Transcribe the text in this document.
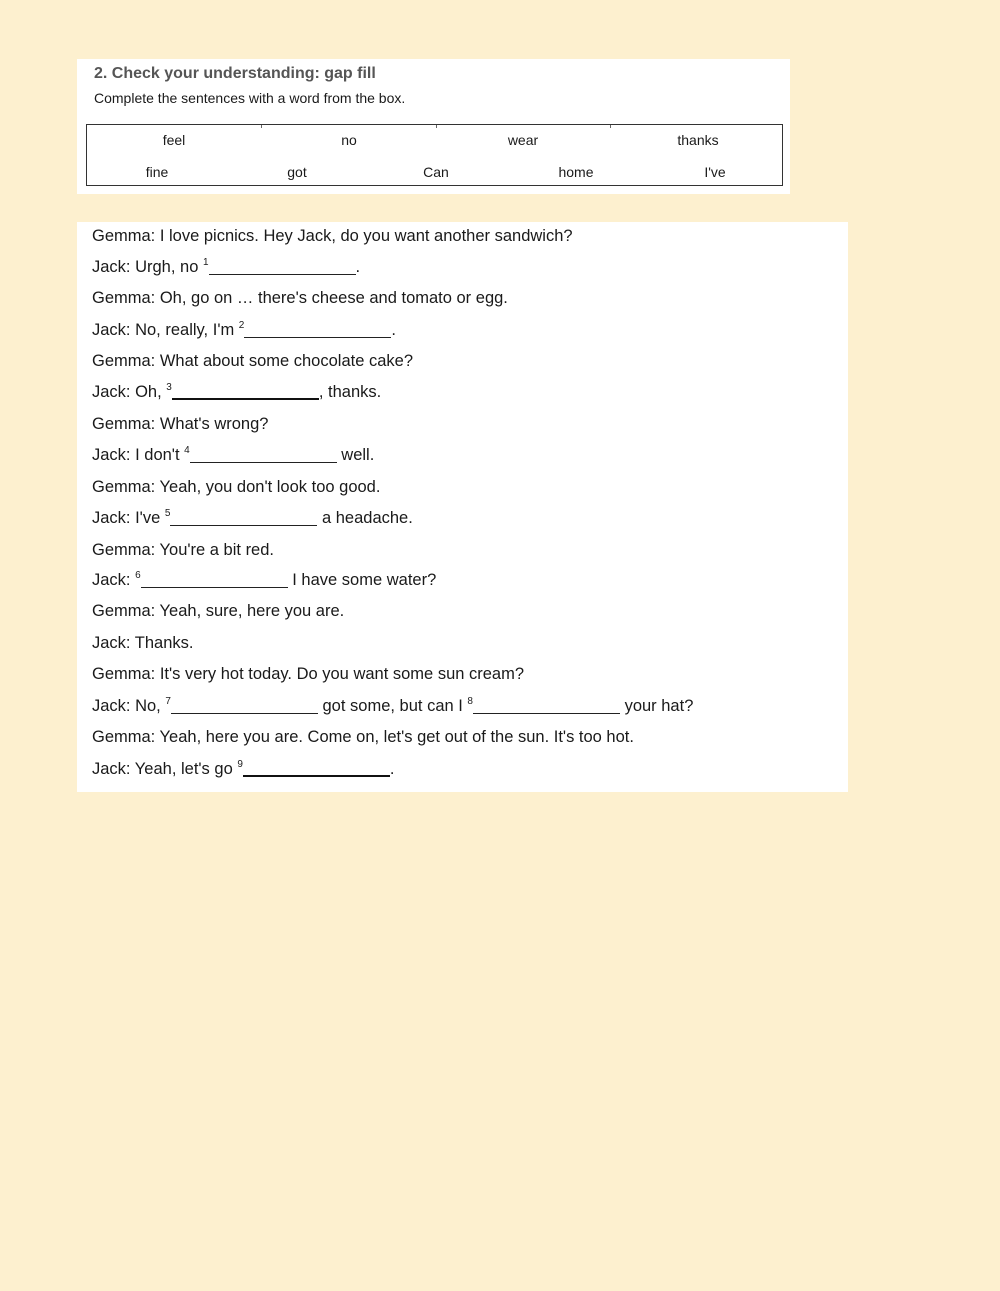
2. Check your understanding: gap fill
Complete the sentences with a word from the box.
feel	no	wear	thanks
fine	got	Can	home	I've
Gemma: I love picnics. Hey Jack, do you want another sandwich?
Jack: Urgh, no $^1$	.
Gemma: Oh, go on … there's cheese and tomato or egg.
Jack: No, really, I'm $^2$	.
Gemma: What about some chocolate cake?
Jack: Oh, $^3$	, thanks.
Gemma: What's wrong?
Jack: I don't $^4$	well.
Gemma: Yeah, you don't look too good.
Jack: I've $^5$	a headache.
Gemma: You're a bit red.
Jack: $^6$	I have some water?
Gemma: Yeah, sure, here you are.
Jack: Thanks.
Gemma: It's very hot today. Do you want some sun cream?
Jack: No, $^7$	got some, but can I $^8$	your hat?
Gemma: Yeah, here you are. Come on, let's get out of the sun. It's too hot.
Jack: Yeah, let's go $^9$	.
